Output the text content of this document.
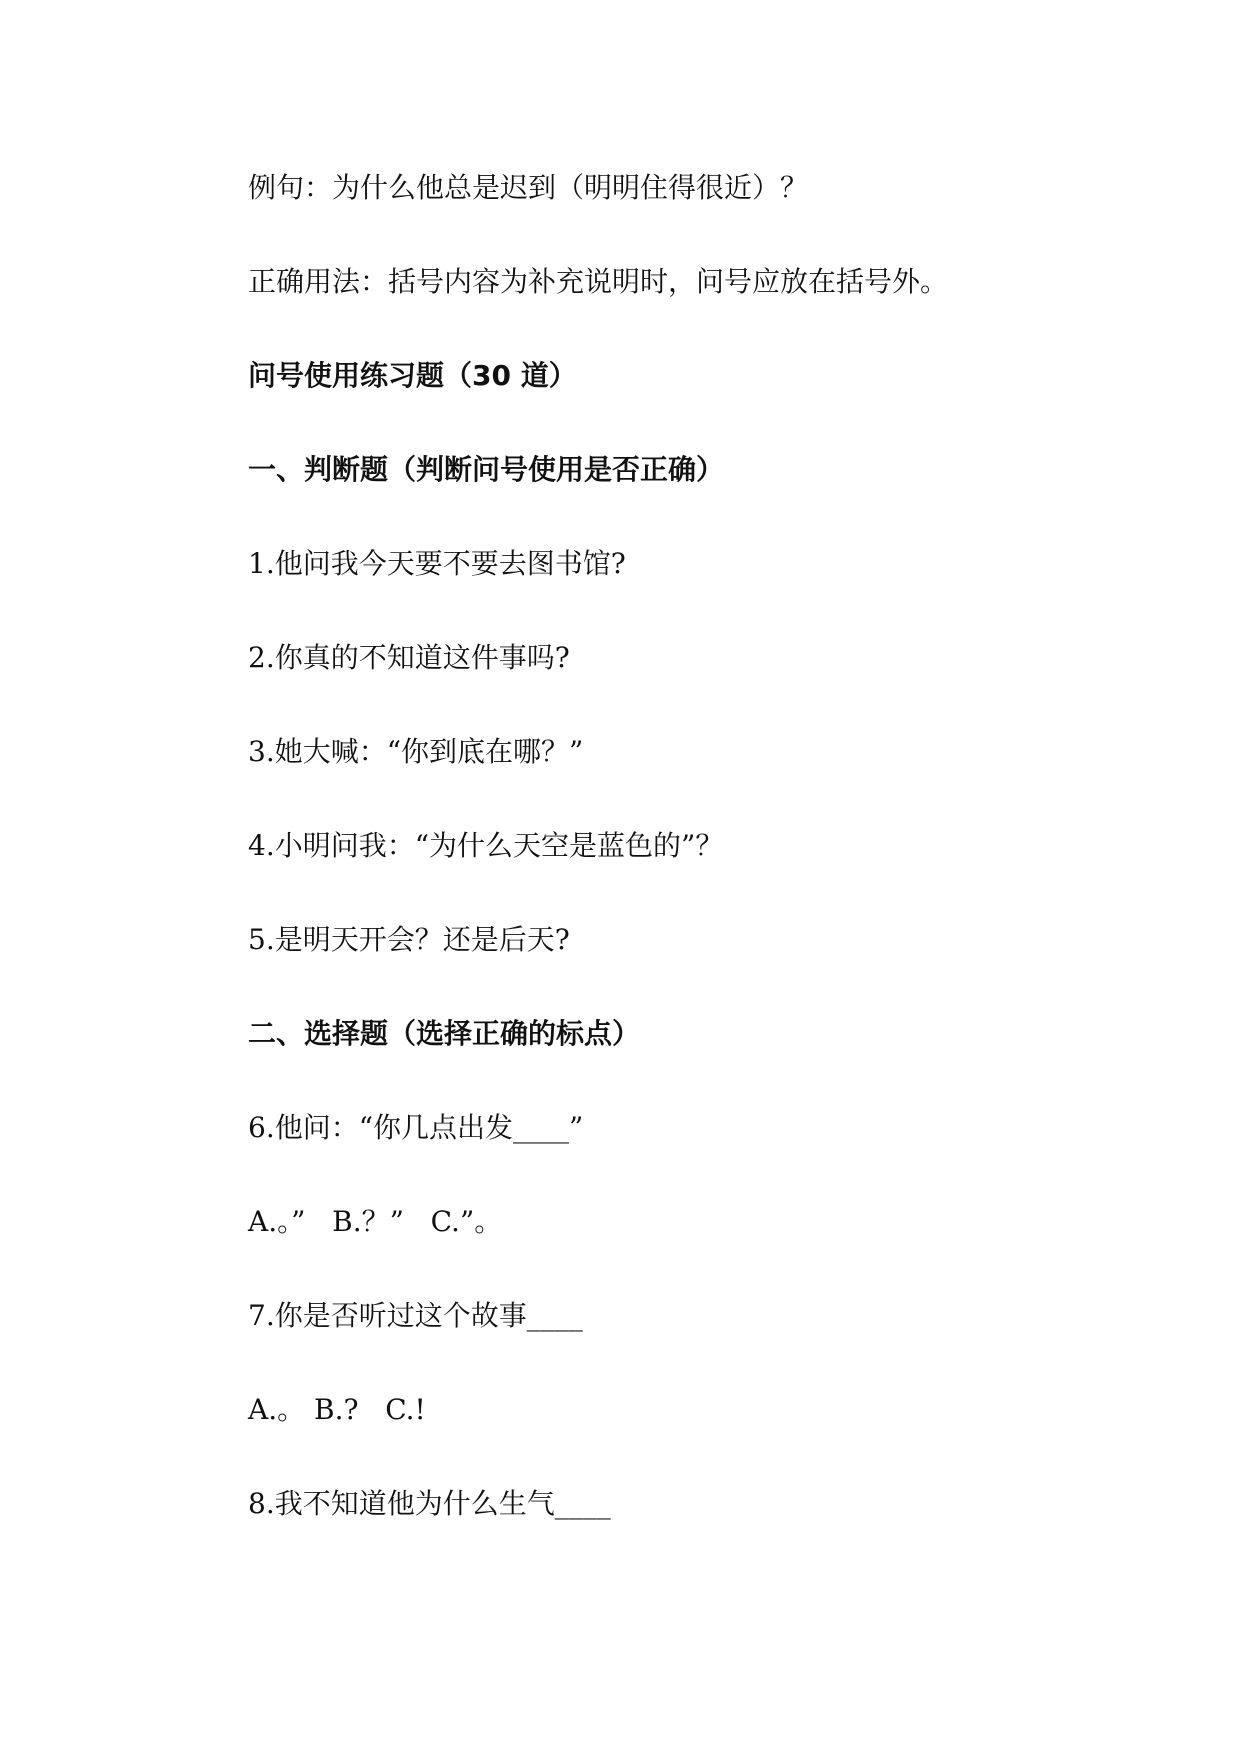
例句：为什么他总是迟到（明明住得很近）？
正确用法：括号内容为补充说明时，问号应放在括号外。
问号使用练习题（30 道）
一、判断题（判断问号使用是否正确）
1.他问我今天要不要去图书馆?
2.你真的不知道这件事吗?
3.她大喊：“你到底在哪？”
4.小明问我：“为什么天空是蓝色的”？
5.是明天开会？还是后天?
二、选择题（选择正确的标点）
6.他问：“你几点出发____”
A.。”   B.？”   C.”。
7.你是否听过这个故事____
A.。 B.?   C.!
8.我不知道他为什么生气____
